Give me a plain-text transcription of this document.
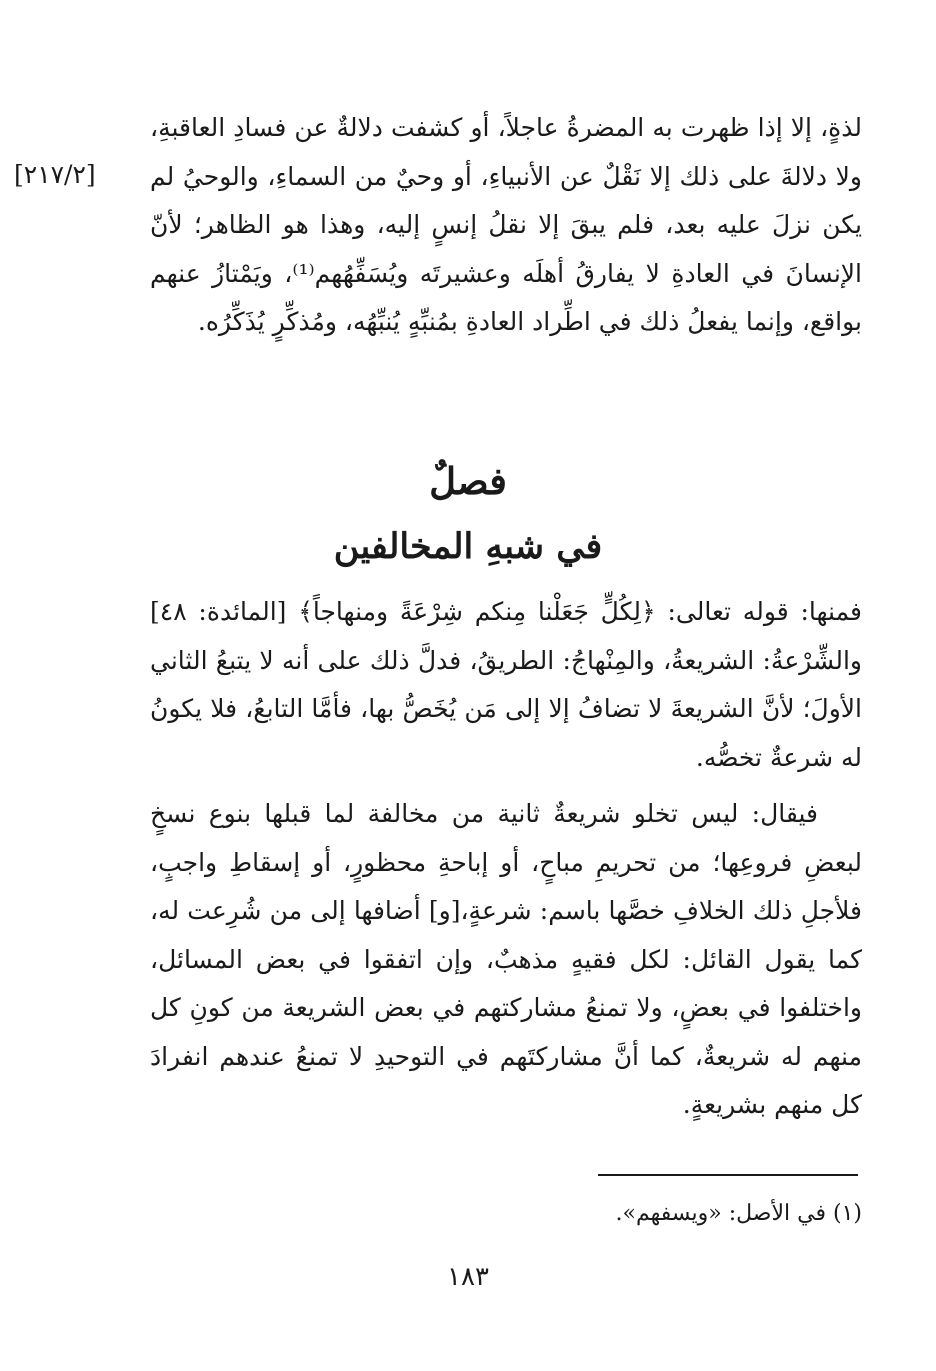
[٢١٧/٢]

لذةٍ، إلا إذا ظهرت به المضرةُ عاجلاً، أو كشفت دلالةٌ عن فسادِ العاقبةِ، ولا دلالةَ على ذلك إلا نَقْلٌ عن الأنبياءِ، أو وحيٌ من السماءِ، والوحيُ لم يكن نزلَ عليه بعد، فلم يبقَ إلا نقلُ إنسٍ إليه، وهذا هو الظاهر؛ لأنّ الإنسانَ في العادةِ لا يفارقُ أهلَه وعشيرتَه ويُسَفِّهُهم⁽¹⁾، ويَمْتازُ عنهم بواقع، وإنما يفعلُ ذلك في اطِّراد العادةِ بمُنبِّهٍ يُنبِّهُه، ومُذكِّرٍ يُذَكِّرُه.

فصلٌ
في شبهِ المخالفين

فمنها: قوله تعالى: ﴿لِكُلٍّ جَعَلْنا مِنكم شِرْعَةً ومنهاجاً﴾ [المائدة: ٤٨] والشِّرْعةُ: الشريعةُ، والمِنْهاجُ: الطريقُ، فدلَّ ذلك على أنه لا يتبعُ الثاني الأولَ؛ لأنَّ الشريعةَ لا تضافُ إلا إلى مَن يُخَصُّ بها، فأمَّا التابعُ، فلا يكونُ له شرعةٌ تخصُّه.

فيقال: ليس تخلو شريعةٌ ثانية من مخالفة لما قبلها بنوع نسخٍ لبعضِ فروعِها؛ من تحريمِ مباحٍ، أو إباحةِ محظورٍ، أو إسقاطِ واجبٍ، فلأجلِ ذلك الخلافِ خصَّها باسم: شرعةٍ،[و] أضافها إلى من شُرِعت له، كما يقول القائل: لكل فقيهٍ مذهبٌ، وإن اتفقوا في بعض المسائل، واختلفوا في بعضٍ، ولا تمنعُ مشاركتهم في بعض الشريعة من كونِ كل منهم له شريعةٌ، كما أنَّ مشاركتَهم في التوحيدِ لا تمنعُ عندهم انفرادَ كل منهم بشريعةٍ.

(١) في الأصل: «ويسفهم».
١٨٣
